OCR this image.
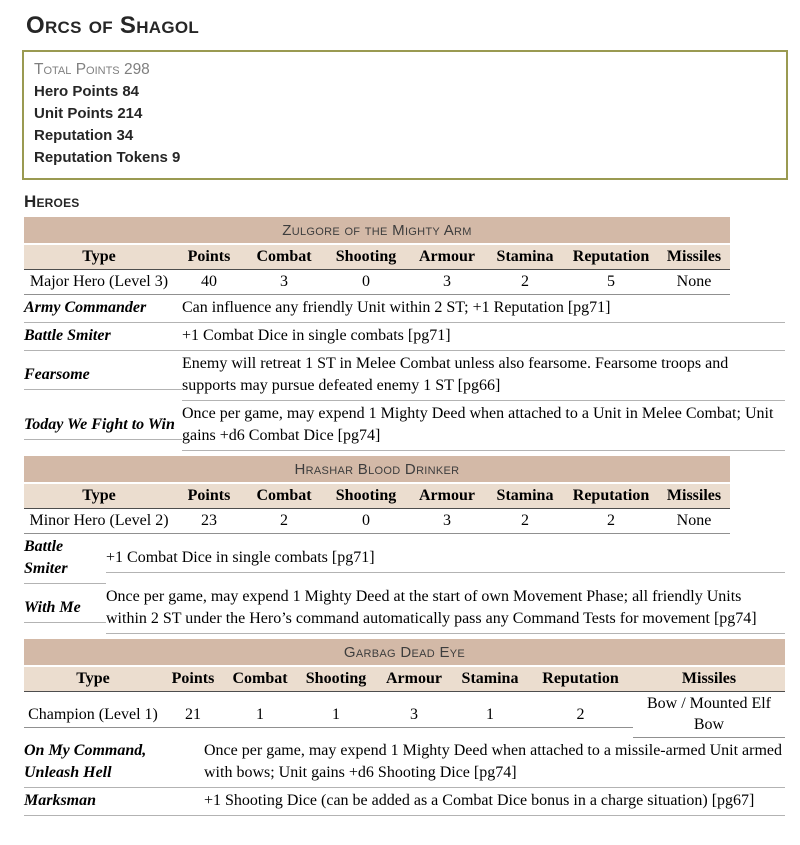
Orcs of Shagol
Total Points 298
Hero Points 84
Unit Points 214
Reputation 34
Reputation Tokens 9
Heroes
Zulgore of the Mighty Arm
Type	Points	Combat	Shooting	Armour	Stamina	Reputation	Missiles

Major Hero (Level 3)	40	3	0	3	2	5	None
Army Commander	Can influence any friendly Unit within 2 ST; +1 Reputation [pg71]

Battle Smiter	+1 Combat Dice in single combats [pg71]

Fearsome	Enemy will retreat 1 ST in Melee Combat unless also fearsome. Fearsome troops and supports may pursue defeated enemy 1 ST [pg66]

Today We Fight to Win	Once per game, may expend 1 Mighty Deed when attached to a Unit in Melee Combat; Unit gains +d6 Combat Dice [pg74]
Hrashar Blood Drinker
Type	Points	Combat	Shooting	Armour	Stamina	Reputation	Missiles

Minor Hero (Level 2)	23	2	0	3	2	2	None
Battle Smiter	+1 Combat Dice in single combats [pg71]

With Me	Once per game, may expend 1 Mighty Deed at the start of own Movement Phase; all friendly Units within 2 ST under the Hero’s command automatically pass any Command Tests for movement [pg74]
Garbag Dead Eye
Type	Points	Combat	Shooting	Armour	Stamina	Reputation	Missiles

Champion (Level 1)	21	1	1	3	1	2	Bow / Mounted Elf Bow
On My Command, Unleash Hell	Once per game, may expend 1 Mighty Deed when attached to a missile-armed Unit armed with bows; Unit gains +d6 Shooting Dice [pg74]

Marksman	+1 Shooting Dice (can be added as a Combat Dice bonus in a charge situation) [pg67]
